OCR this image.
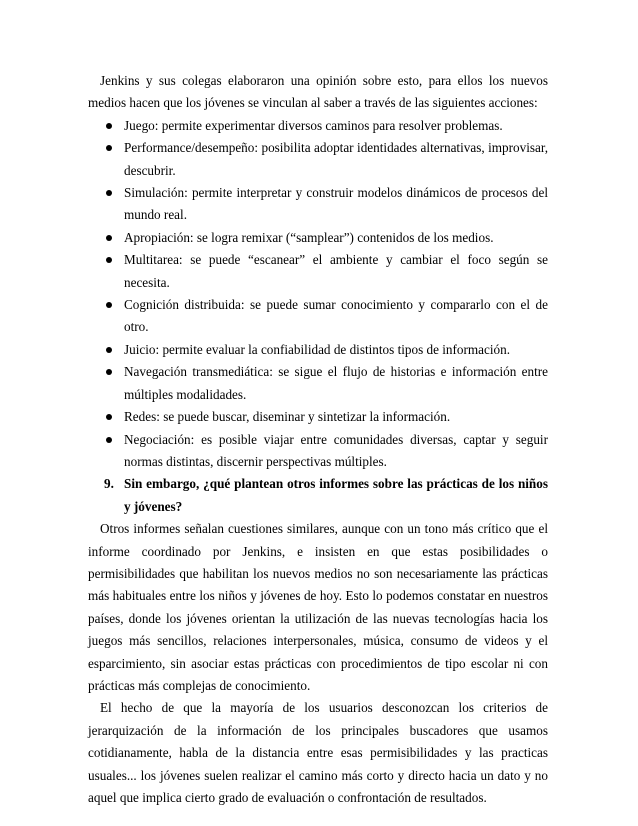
Jenkins y sus colegas elaboraron una opinión sobre esto, para ellos los nuevos medios hacen que los jóvenes se vinculan al saber a través de las siguientes acciones:

Juego: permite experimentar diversos caminos para resolver problemas.
Performance/desempeño: posibilita adoptar identidades alternativas, improvisar, descubrir.
Simulación: permite interpretar y construir modelos dinámicos de procesos del mundo real.
Apropiación: se logra remixar (“samplear”) contenidos de los medios.
Multitarea: se puede “escanear” el ambiente y cambiar el foco según se necesita.
Cognición distribuida: se puede sumar conocimiento y compararlo con el de otro.
Juicio: permite evaluar la confiabilidad de distintos tipos de información.
Navegación transmediática: se sigue el flujo de historias e información entre múltiples modalidades.
Redes: se puede buscar, diseminar y sintetizar la información.
Negociación: es posible viajar entre comunidades diversas, captar y seguir normas distintas, discernir perspectivas múltiples.
9. Sin embargo, ¿qué plantean otros informes sobre las prácticas de los niños y jóvenes?

Otros informes señalan cuestiones similares, aunque con un tono más crítico que el informe coordinado por Jenkins, e insisten en que estas posibilidades o permisibilidades que habilitan los nuevos medios no son necesariamente las prácticas más habituales entre los niños y jóvenes de hoy. Esto lo podemos constatar en nuestros países, donde los jóvenes orientan la utilización de las nuevas tecnologías hacia los juegos más sencillos, relaciones interpersonales, música, consumo de videos y el esparcimiento, sin asociar estas prácticas con procedimientos de tipo escolar ni con prácticas más complejas de conocimiento.

El hecho de que la mayoría de los usuarios desconozcan los criterios de jerarquización de la información de los principales buscadores que usamos cotidianamente, habla de la distancia entre esas permisibilidades y las practicas usuales... los jóvenes suelen realizar el camino más corto y directo hacia un dato y no aquel que implica cierto grado de evaluación o confrontación de resultados.
